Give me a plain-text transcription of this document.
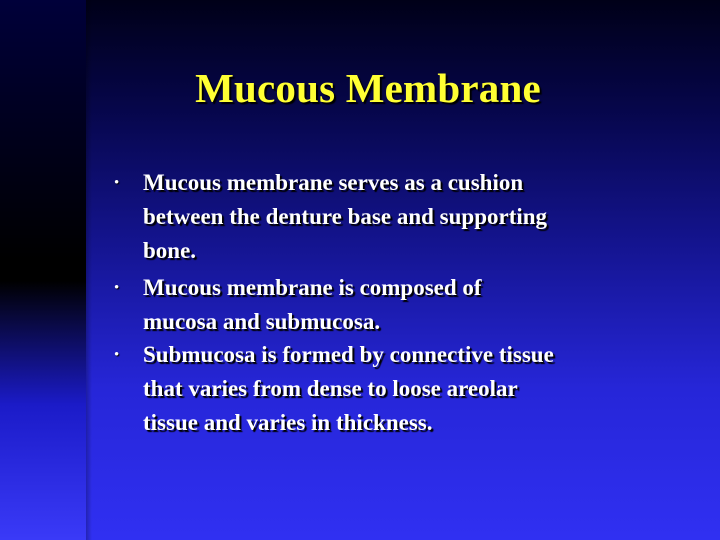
Mucous Membrane
• Mucous membrane serves as a cushion
between the denture base and supporting
bone.
• Mucous membrane is composed of
mucosa and submucosa.
• Submucosa is formed by connective tissue
that varies from dense to loose areolar
tissue and varies in thickness.
